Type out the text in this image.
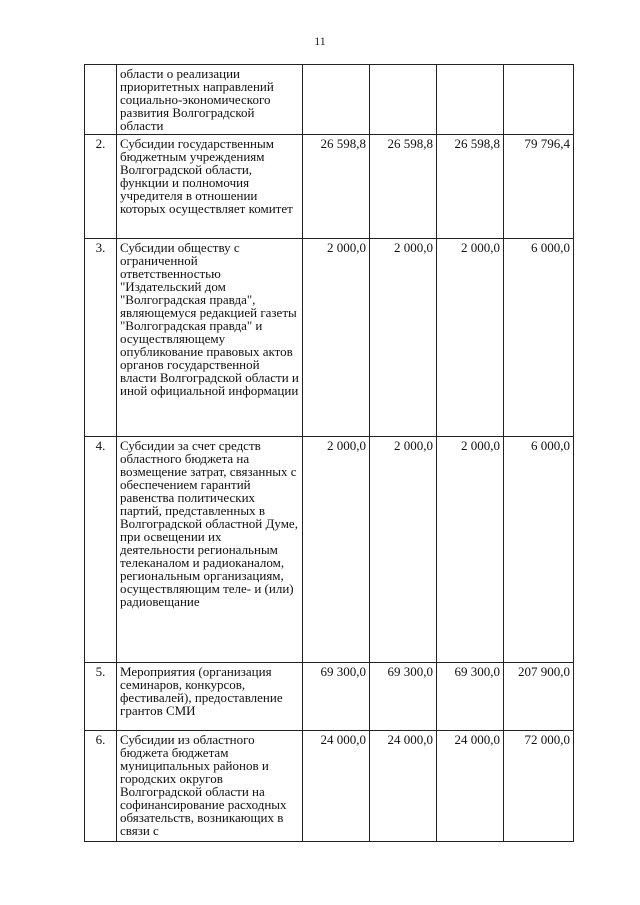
11
	области о реализации приоритетных направлений социально-экономического развития Волгоградской области				
2.	Субсидии государственным бюджетным учреждениям Волгоградской области, функции и полномочия учредителя в отношении которых осуществляет комитет	26 598,8	26 598,8	26 598,8	79 796,4
3.	Субсидии обществу с ограниченной ответственностью "Издательский дом "Волгоградская правда", являющемуся редакцией газеты "Волгоградская правда" и осуществляющему опубликование правовых актов органов государственной власти Волгоградской области и иной официальной информации	2 000,0	2 000,0	2 000,0	6 000,0
4.	Субсидии за счет средств областного бюджета на возмещение затрат, связанных с обеспечением гарантий равенства политических партий, представленных в Волгоградской областной Думе, при освещении их деятельности региональным телеканалом и радиоканалом, региональным организациям, осуществляющим теле- и (или) радиовещание	2 000,0	2 000,0	2 000,0	6 000,0
5.	Мероприятия (организация семинаров, конкурсов, фестивалей), предоставление грантов СМИ	69 300,0	69 300,0	69 300,0	207 900,0
6.	Субсидии из областного бюджета бюджетам муниципальных районов и городских округов Волгоградской области на софинансирование расходных обязательств, возникающих в связи с	24 000,0	24 000,0	24 000,0	72 000,0
